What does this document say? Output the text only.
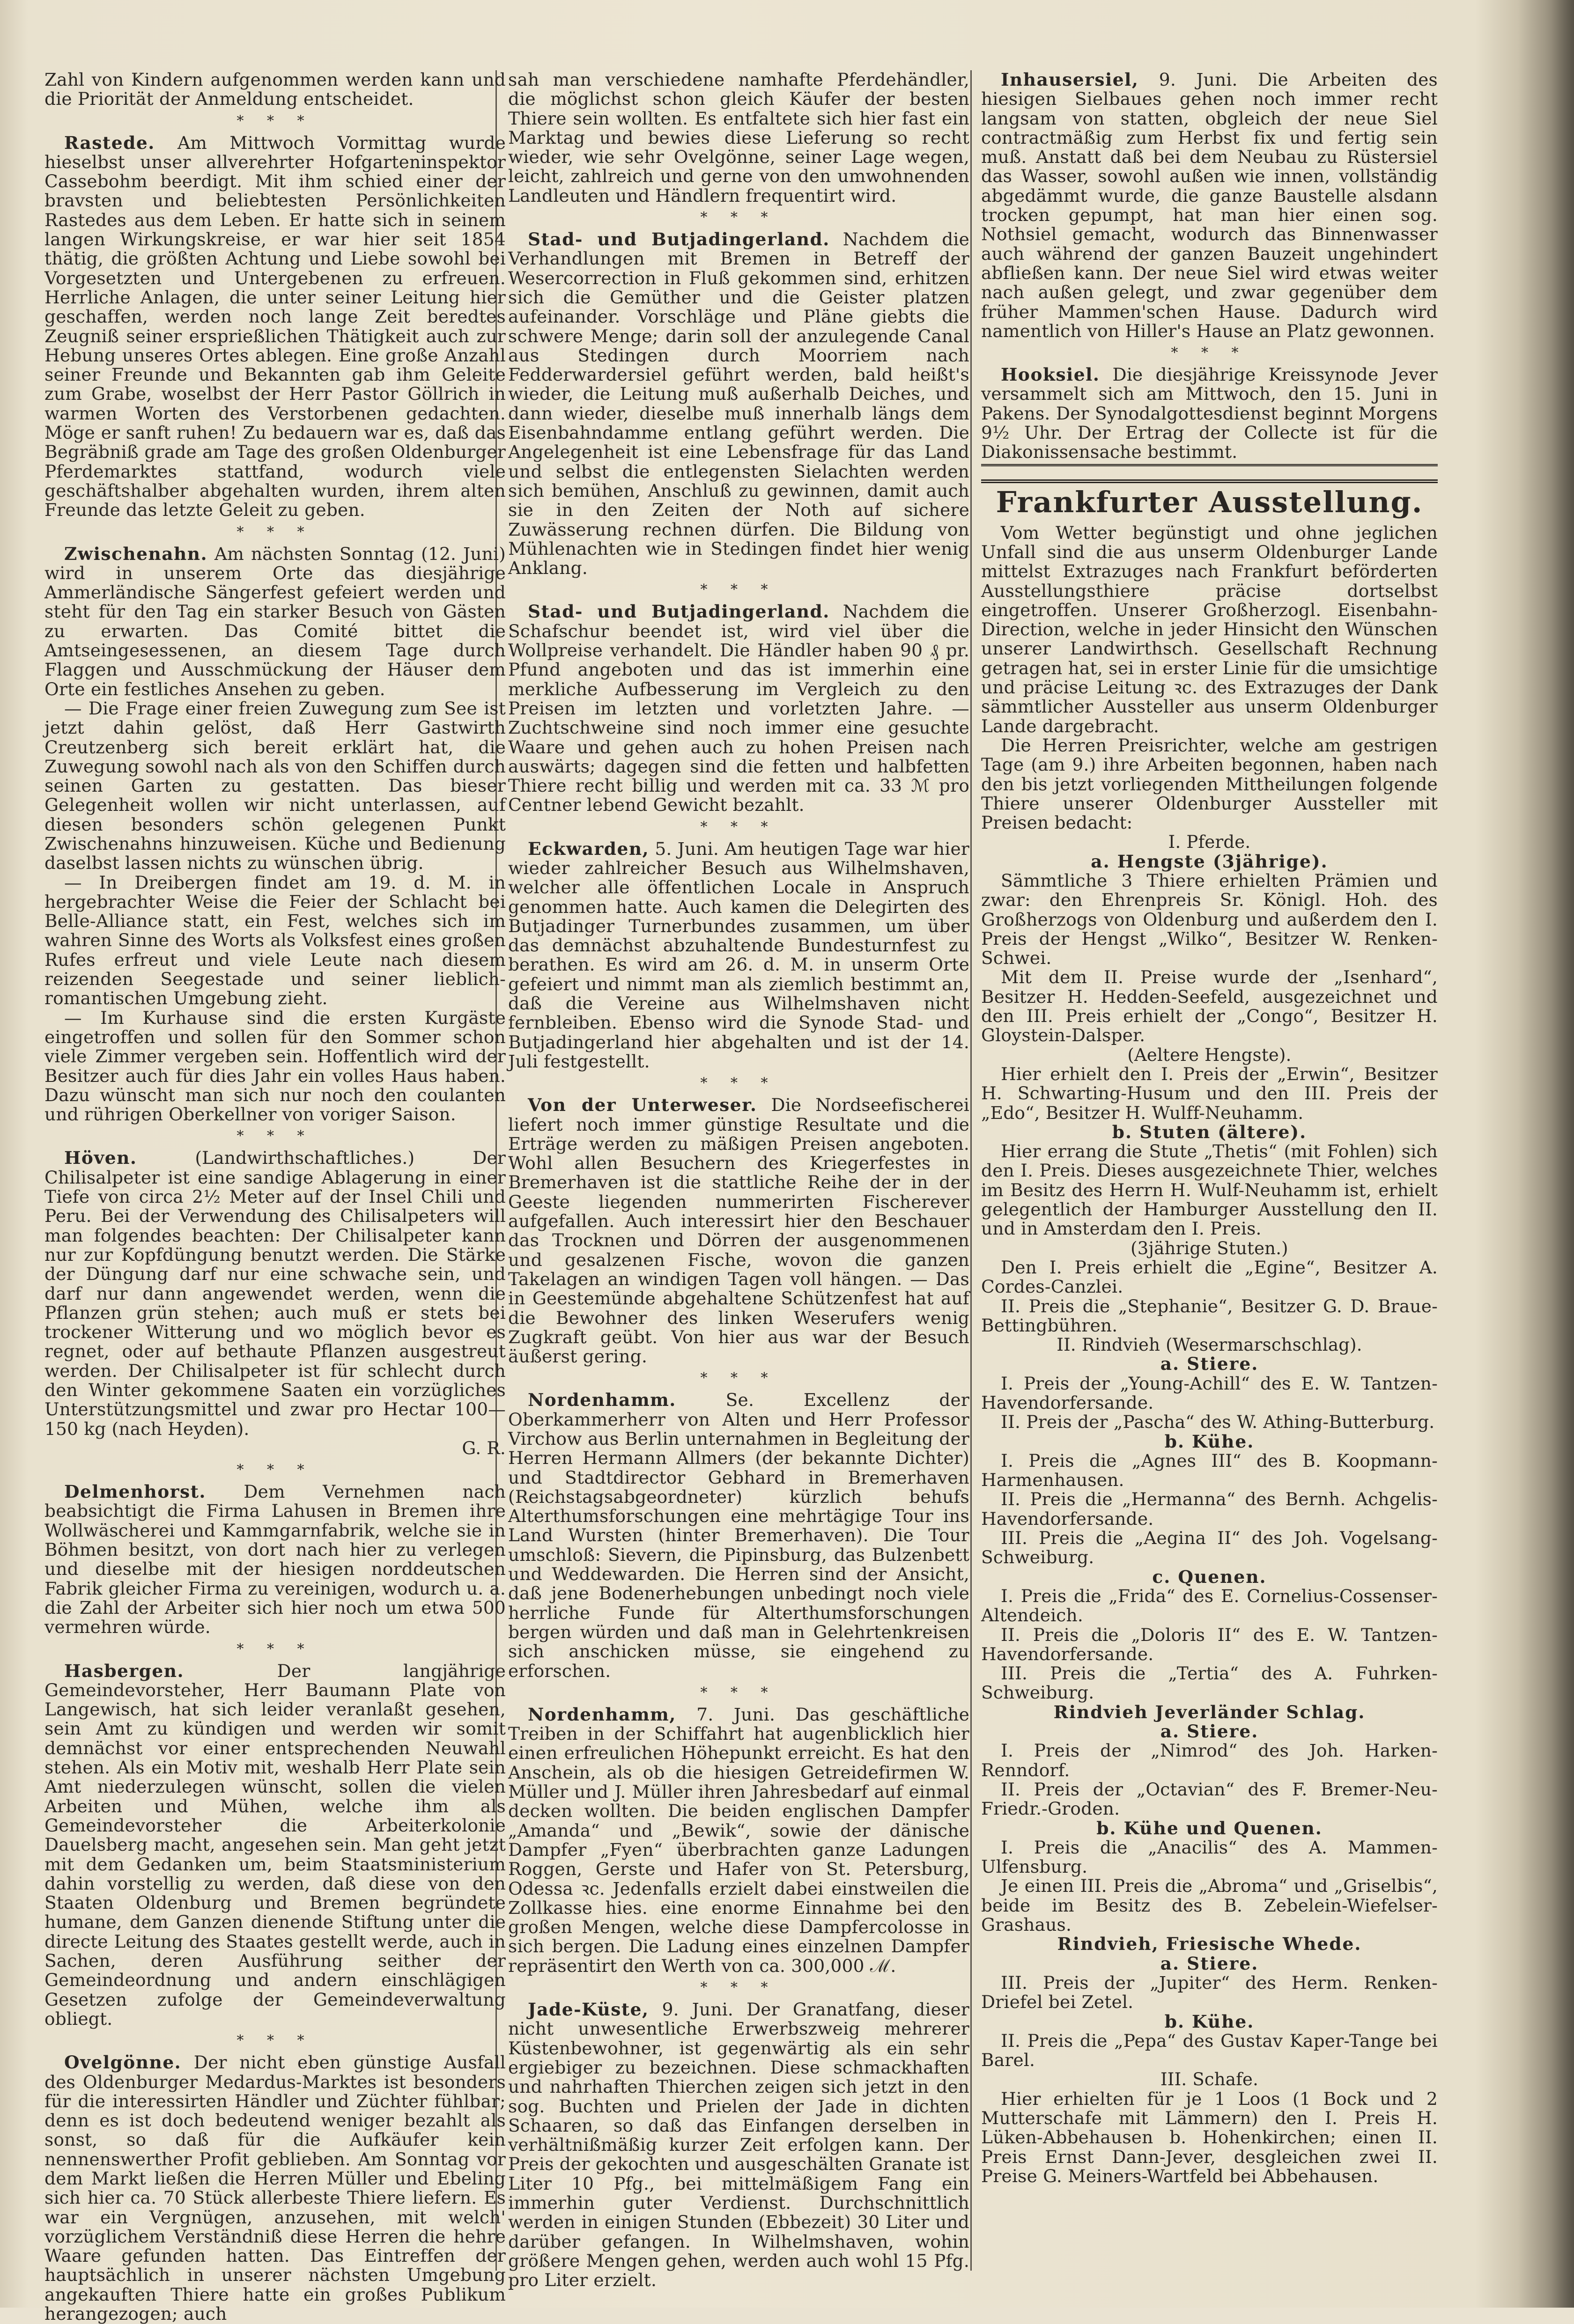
Zahl von Kindern aufgenommen werden kann und die Priorität der Anmeldung entscheidet.

* * *

Rastede. Am Mittwoch Vormittag wurde hieselbst unser allverehrter Hofgarteninspektor Cassebohm beerdigt. Mit ihm schied einer der bravsten und beliebtesten Persönlichkeiten Rastedes aus dem Leben. Er hatte sich in seinem langen Wirkungskreise, er war hier seit 1854 thätig, die größten Achtung und Liebe sowohl bei Vorgesetzten und Untergebenen zu erfreuen. Herrliche Anlagen, die unter seiner Leitung hier geschaffen, werden noch lange Zeit beredtes Zeugniß seiner ersprießlichen Thätigkeit auch zur Hebung unseres Ortes ablegen. Eine große Anzahl seiner Freunde und Bekannten gab ihm Geleite zum Grabe, woselbst der Herr Pastor Göllrich in warmen Worten des Verstorbenen gedachten. Möge er sanft ruhen! Zu bedauern war es, daß das Begräbniß grade am Tage des großen Oldenburger Pferdemarktes stattfand, wodurch viele geschäftshalber abgehalten wurden, ihrem alten Freunde das letzte Geleit zu geben.

* * *

Zwischenahn. Am nächsten Sonntag (12. Juni) wird in unserem Orte das diesjährige Ammerländische Sängerfest gefeiert werden und steht für den Tag ein starker Besuch von Gästen zu erwarten. Das Comité bittet die Amtseingesessenen, an diesem Tage durch Flaggen und Ausschmückung der Häuser dem Orte ein festliches Ansehen zu geben.

— Die Frage einer freien Zuwegung zum See ist jetzt dahin gelöst, daß Herr Gastwirth Creutzenberg sich bereit erklärt hat, die Zuwegung sowohl nach als von den Schiffen durch seinen Garten zu gestatten. Das bieser Gelegenheit wollen wir nicht unterlassen, auf diesen besonders schön gelegenen Punkt Zwischenahns hinzuweisen. Küche und Bedienung daselbst lassen nichts zu wünschen übrig.

— In Dreibergen findet am 19. d. M. in hergebrachter Weise die Feier der Schlacht bei Belle-Alliance statt, ein Fest, welches sich im wahren Sinne des Worts als Volksfest eines großen Rufes erfreut und viele Leute nach diesem reizenden Seegestade und seiner lieblich-romantischen Umgebung zieht.

— Im Kurhause sind die ersten Kurgäste eingetroffen und sollen für den Sommer schon viele Zimmer vergeben sein. Hoffentlich wird der Besitzer auch für dies Jahr ein volles Haus haben. Dazu wünscht man sich nur noch den coulanten und rührigen Oberkellner von voriger Saison.

* * *

Höven. (Landwirthschaftliches.) Der Chilisalpeter ist eine sandige Ablagerung in einer Tiefe von circa 2½ Meter auf der Insel Chili und Peru. Bei der Verwendung des Chilisalpeters will man folgendes beachten: Der Chilisalpeter kann nur zur Kopfdüngung benutzt werden. Die Stärke der Düngung darf nur eine schwache sein, und darf nur dann angewendet werden, wenn die Pflanzen grün stehen; auch muß er stets bei trockener Witterung und wo möglich bevor es regnet, oder auf bethaute Pflanzen ausgestreut werden. Der Chilisalpeter ist für schlecht durch den Winter gekommene Saaten ein vorzügliches Unterstützungsmittel und zwar pro Hectar 100—150 kg (nach Heyden).

G. R.

* * *

Delmenhorst. Dem Vernehmen nach beabsichtigt die Firma Lahusen in Bremen ihre Wollwäscherei und Kammgarnfabrik, welche sie in Böhmen besitzt, von dort nach hier zu verlegen und dieselbe mit der hiesigen norddeutschen Fabrik gleicher Firma zu vereinigen, wodurch u. a. die Zahl der Arbeiter sich hier noch um etwa 500 vermehren würde.

* * *

Hasbergen. Der langjährige Gemeindevorsteher, Herr Baumann Plate von Langewisch, hat sich leider veranlaßt gesehen, sein Amt zu kündigen und werden wir somit demnächst vor einer entsprechenden Neuwahl stehen. Als ein Motiv mit, weshalb Herr Plate sein Amt niederzulegen wünscht, sollen die vielen Arbeiten und Mühen, welche ihm als Gemeindevorsteher die Arbeiterkolonie Dauelsberg macht, angesehen sein. Man geht jetzt mit dem Gedanken um, beim Staatsministerium dahin vorstellig zu werden, daß diese von den Staaten Oldenburg und Bremen begründete humane, dem Ganzen dienende Stiftung unter die directe Leitung des Staates gestellt werde, auch in Sachen, deren Ausführung seither der Gemeindeordnung und andern einschlägigen Gesetzen zufolge der Gemeindeverwaltung obliegt.

* * *

Ovelgönne. Der nicht eben günstige Ausfall des Oldenburger Medardus-Marktes ist besonders für die interessirten Händler und Züchter fühlbar; denn es ist doch bedeutend weniger bezahlt als sonst, so daß für die Aufkäufer kein nennenswerther Profit geblieben. Am Sonntag vor dem Markt ließen die Herren Müller und Ebeling sich hier ca. 70 Stück allerbeste Thiere liefern. Es war ein Vergnügen, anzusehen, mit welch' vorzüglichem Verständniß diese Herren die hehre Waare gefunden hatten. Das Eintreffen der hauptsächlich in unserer nächsten Umgebung angekauften Thiere hatte ein großes Publikum herangezogen; auch

sah man verschiedene namhafte Pferdehändler, die möglichst schon gleich Käufer der besten Thiere sein wollten. Es entfaltete sich hier fast ein Marktag und bewies diese Lieferung so recht wieder, wie sehr Ovelgönne, seiner Lage wegen, leicht, zahlreich und gerne von den umwohnenden Landleuten und Händlern frequentirt wird.

* * *

Stad- und Butjadingerland. Nachdem die Verhandlungen mit Bremen in Betreff der Wesercorrection in Fluß gekommen sind, erhitzen sich die Gemüther und die Geister platzen aufeinander. Vorschläge und Pläne giebts die schwere Menge; darin soll der anzulegende Canal aus Stedingen durch Moorriem nach Fedderwardersiel geführt werden, bald heißt's wieder, die Leitung muß außerhalb Deiches, und dann wieder, dieselbe muß innerhalb längs dem Eisenbahndamme entlang geführt werden. Die Angelegenheit ist eine Lebensfrage für das Land und selbst die entlegensten Sielachten werden sich bemühen, Anschluß zu gewinnen, damit auch sie in den Zeiten der Noth auf sichere Zuwässerung rechnen dürfen. Die Bildung von Mühlenachten wie in Stedingen findet hier wenig Anklang.

* * *

Stad- und Butjadingerland. Nachdem die Schafschur beendet ist, wird viel über die Wollpreise verhandelt. Die Händler haben 90 ₰ pr. Pfund angeboten und das ist immerhin eine merkliche Aufbesserung im Vergleich zu den Preisen im letzten und vorletzten Jahre. — Zuchtschweine sind noch immer eine gesuchte Waare und gehen auch zu hohen Preisen nach auswärts; dagegen sind die fetten und halbfetten Thiere recht billig und werden mit ca. 33 ℳ pro Centner lebend Gewicht bezahlt.

* * *

Eckwarden, 5. Juni. Am heutigen Tage war hier wieder zahlreicher Besuch aus Wilhelmshaven, welcher alle öffentlichen Locale in Anspruch genommen hatte. Auch kamen die Delegirten des Butjadinger Turnerbundes zusammen, um über das demnächst abzuhaltende Bundesturnfest zu berathen. Es wird am 26. d. M. in unserm Orte gefeiert und nimmt man als ziemlich bestimmt an, daß die Vereine aus Wilhelmshaven nicht fernbleiben. Ebenso wird die Synode Stad- und Butjadingerland hier abgehalten und ist der 14. Juli festgestellt.

* * *

Von der Unterweser. Die Nordseefischerei liefert noch immer günstige Resultate und die Erträge werden zu mäßigen Preisen angeboten. Wohl allen Besuchern des Kriegerfestes in Bremerhaven ist die stattliche Reihe der in der Geeste liegenden nummerirten Fischerever aufgefallen. Auch interessirt hier den Beschauer das Trocknen und Dörren der ausgenommenen und gesalzenen Fische, wovon die ganzen Takelagen an windigen Tagen voll hängen. — Das in Geestemünde abgehaltene Schützenfest hat auf die Bewohner des linken Weserufers wenig Zugkraft geübt. Von hier aus war der Besuch äußerst gering.

* * *

Nordenhamm. Se. Excellenz der Oberkammerherr von Alten und Herr Professor Virchow aus Berlin unternahmen in Begleitung der Herren Hermann Allmers (der bekannte Dichter) und Stadtdirector Gebhard in Bremerhaven (Reichstagsabgeordneter) kürzlich behufs Alterthumsforschungen eine mehrtägige Tour ins Land Wursten (hinter Bremerhaven). Die Tour umschloß: Sievern, die Pipinsburg, das Bulzenbett und Weddewarden. Die Herren sind der Ansicht, daß jene Bodenerhebungen unbedingt noch viele herrliche Funde für Alterthumsforschungen bergen würden und daß man in Gelehrtenkreisen sich anschicken müsse, sie eingehend zu erforschen.

* * *

Nordenhamm, 7. Juni. Das geschäftliche Treiben in der Schiffahrt hat augenblicklich hier einen erfreulichen Höhepunkt erreicht. Es hat den Anschein, als ob die hiesigen Getreidefirmen W. Müller und J. Müller ihren Jahresbedarf auf einmal decken wollten. Die beiden englischen Dampfer „Amanda“ und „Bewik“, sowie der dänische Dampfer „Fyen“ überbrachten ganze Ladungen Roggen, Gerste und Hafer von St. Petersburg, Odessa ꝛc. Jedenfalls erzielt dabei einstweilen die Zollkasse hies. eine enorme Einnahme bei den großen Mengen, welche diese Dampfercolosse in sich bergen. Die Ladung eines einzelnen Dampfer repräsentirt den Werth von ca. 300,000 ℳ.

* * *

Jade-Küste, 9. Juni. Der Granatfang, dieser nicht unwesentliche Erwerbszweig mehrerer Küstenbewohner, ist gegenwärtig als ein sehr ergiebiger zu bezeichnen. Diese schmackhaften und nahrhaften Thierchen zeigen sich jetzt in den sog. Buchten und Prielen der Jade in dichten Schaaren, so daß das Einfangen derselben in verhältnißmäßig kurzer Zeit erfolgen kann. Der Preis der gekochten und ausgeschälten Granate ist Liter 10 Pfg., bei mittelmäßigem Fang ein immerhin guter Verdienst. Durchschnittlich werden in einigen Stunden (Ebbezeit) 30 Liter und darüber gefangen. In Wilhelmshaven, wohin größere Mengen gehen, werden auch wohl 15 Pfg. pro Liter erzielt.

Inhausersiel, 9. Juni. Die Arbeiten des hiesigen Sielbaues gehen noch immer recht langsam von statten, obgleich der neue Siel contractmäßig zum Herbst fix und fertig sein muß. Anstatt daß bei dem Neubau zu Rüstersiel das Wasser, sowohl außen wie innen, vollständig abgedämmt wurde, die ganze Baustelle alsdann trocken gepumpt, hat man hier einen sog. Nothsiel gemacht, wodurch das Binnenwasser auch während der ganzen Bauzeit ungehindert abfließen kann. Der neue Siel wird etwas weiter nach außen gelegt, und zwar gegenüber dem früher Mammen'schen Hause. Dadurch wird namentlich von Hiller's Hause an Platz gewonnen.

* * *

Hooksiel. Die diesjährige Kreissynode Jever versammelt sich am Mittwoch, den 15. Juni in Pakens. Der Synodalgottesdienst beginnt Morgens 9½ Uhr. Der Ertrag der Collecte ist für die Diakonissensache bestimmt.

Frankfurter Ausstellung.

Vom Wetter begünstigt und ohne jeglichen Unfall sind die aus unserm Oldenburger Lande mittelst Extrazuges nach Frankfurt beförderten Ausstellungsthiere präcise dortselbst eingetroffen. Unserer Großherzogl. Eisenbahn-Direction, welche in jeder Hinsicht den Wünschen unserer Landwirthsch. Gesellschaft Rechnung getragen hat, sei in erster Linie für die umsichtige und präcise Leitung ꝛc. des Extrazuges der Dank sämmtlicher Aussteller aus unserm Oldenburger Lande dargebracht.

Die Herren Preisrichter, welche am gestrigen Tage (am 9.) ihre Arbeiten begonnen, haben nach den bis jetzt vorliegenden Mittheilungen folgende Thiere unserer Oldenburger Aussteller mit Preisen bedacht:

I. Pferde.

a. Hengste (3jährige).

Sämmtliche 3 Thiere erhielten Prämien und zwar: den Ehrenpreis Sr. Königl. Hoh. des Großherzogs von Oldenburg und außerdem den I. Preis der Hengst „Wilko“, Besitzer W. Renken-Schwei.

Mit dem II. Preise wurde der „Isenhard“, Besitzer H. Hedden-Seefeld, ausgezeichnet und den III. Preis erhielt der „Congo“, Besitzer H. Gloystein-Dalsper.

(Aeltere Hengste).

Hier erhielt den I. Preis der „Erwin“, Besitzer H. Schwarting-Husum und den III. Preis der „Edo“, Besitzer H. Wulff-Neuhamm.

b. Stuten (ältere).

Hier errang die Stute „Thetis“ (mit Fohlen) sich den I. Preis. Dieses ausgezeichnete Thier, welches im Besitz des Herrn H. Wulf-Neuhamm ist, erhielt gelegentlich der Hamburger Ausstellung den II. und in Amsterdam den I. Preis.

(3jährige Stuten.)

Den I. Preis erhielt die „Egine“, Besitzer A. Cordes-Canzlei.

II. Preis die „Stephanie“, Besitzer G. D. Braue-Bettingbühren.

II. Rindvieh (Wesermarschschlag).

a. Stiere.

I. Preis der „Young-Achill“ des E. W. Tantzen-Havendorfersande.

II. Preis der „Pascha“ des W. Athing-Butterburg.

b. Kühe.

I. Preis die „Agnes III“ des B. Koopmann-Harmenhausen.

II. Preis die „Hermanna“ des Bernh. Achgelis-Havendorfersande.

III. Preis die „Aegina II“ des Joh. Vogelsang-Schweiburg.

c. Quenen.

I. Preis die „Frida“ des E. Cornelius-Cossenser-Altendeich.

II. Preis die „Doloris II“ des E. W. Tantzen-Havendorfersande.

III. Preis die „Tertia“ des A. Fuhrken-Schweiburg.

Rindvieh Jeverländer Schlag.

a. Stiere.

I. Preis der „Nimrod“ des Joh. Harken-Renndorf.

II. Preis der „Octavian“ des F. Bremer-Neu-Friedr.-Groden.

b. Kühe und Quenen.

I. Preis die „Anacilis“ des A. Mammen-Ulfensburg.

Je einen III. Preis die „Abroma“ und „Griselbis“, beide im Besitz des B. Zebelein-Wiefelser-Grashaus.

Rindvieh, Friesische Whede.

a. Stiere.

III. Preis der „Jupiter“ des Herm. Renken-Driefel bei Zetel.

b. Kühe.

II. Preis die „Pepa“ des Gustav Kaper-Tange bei Barel.

III. Schafe.

Hier erhielten für je 1 Loos (1 Bock und 2 Mutterschafe mit Lämmern) den I. Preis H. Lüken-Abbehausen b. Hohenkirchen; einen II. Preis Ernst Dann-Jever, desgleichen zwei II. Preise G. Meiners-Wartfeld bei Abbehausen.
